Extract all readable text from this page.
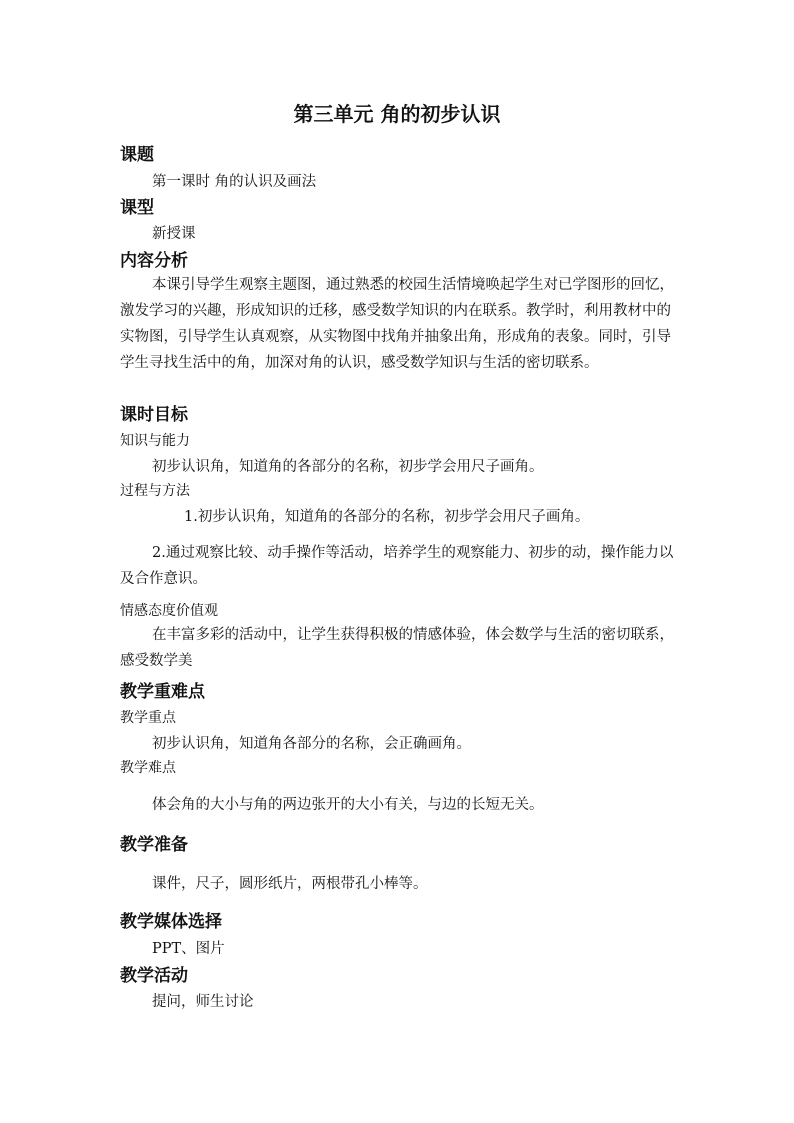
第三单元 角的初步认识
课题
第一课时 角的认识及画法
课型
新授课
内容分析

本课引导学生观察主题图，通过熟悉的校园生活情境唤起学生对已学图形的回忆，激发学习的兴趣，形成知识的迁移，感受数学知识的内在联系。教学时，利用教材中的实物图，引导学生认真观察，从实物图中找角并抽象出角，形成角的表象。同时，引导学生寻找生活中的角，加深对角的认识，感受数学知识与生活的密切联系。

课时目标
知识与能力
初步认识角，知道角的各部分的名称，初步学会用尺子画角。
过程与方法
1.初步认识角，知道角的各部分的名称，初步学会用尺子画角。

2.通过观察比较、动手操作等活动，培养学生的观察能力、初步的动，操作能力以及合作意识。

情感态度价值观

在丰富多彩的活动中，让学生获得积极的情感体验，体会数学与生活的密切联系，感受数学美

教学重难点
教学重点
初步认识角，知道角各部分的名称，会正确画角。
教学难点
体会角的大小与角的两边张开的大小有关，与边的长短无关。
教学准备
课件，尺子，圆形纸片，两根带孔小棒等。
教学媒体选择
PPT、图片
教学活动
提问，师生讨论
